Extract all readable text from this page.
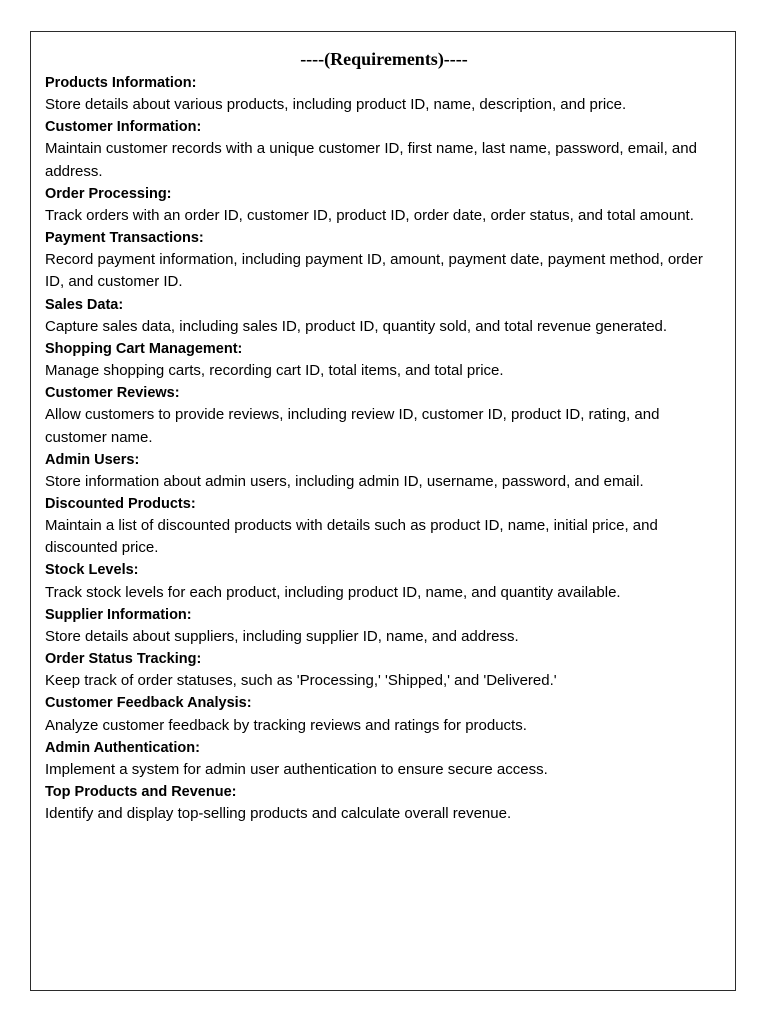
----(Requirements)----

Products Information:

Store details about various products, including product ID, name, description, and price.

Customer Information:

Maintain customer records with a unique customer ID, first name, last name, password, email, and address.

Order Processing:

Track orders with an order ID, customer ID, product ID, order date, order status, and total amount.

Payment Transactions:

Record payment information, including payment ID, amount, payment date, payment method, order ID, and customer ID.

Sales Data:

Capture sales data, including sales ID, product ID, quantity sold, and total revenue generated.

Shopping Cart Management:

Manage shopping carts, recording cart ID, total items, and total price.

Customer Reviews:

Allow customers to provide reviews, including review ID, customer ID, product ID, rating, and customer name.

Admin Users:

Store information about admin users, including admin ID, username, password, and email.

Discounted Products:

Maintain a list of discounted products with details such as product ID, name, initial price, and discounted price.

Stock Levels:

Track stock levels for each product, including product ID, name, and quantity available.

Supplier Information:

Store details about suppliers, including supplier ID, name, and address.

Order Status Tracking:

Keep track of order statuses, such as 'Processing,' 'Shipped,' and 'Delivered.'

Customer Feedback Analysis:

Analyze customer feedback by tracking reviews and ratings for products.

Admin Authentication:

Implement a system for admin user authentication to ensure secure access.

Top Products and Revenue:

Identify and display top-selling products and calculate overall revenue.
